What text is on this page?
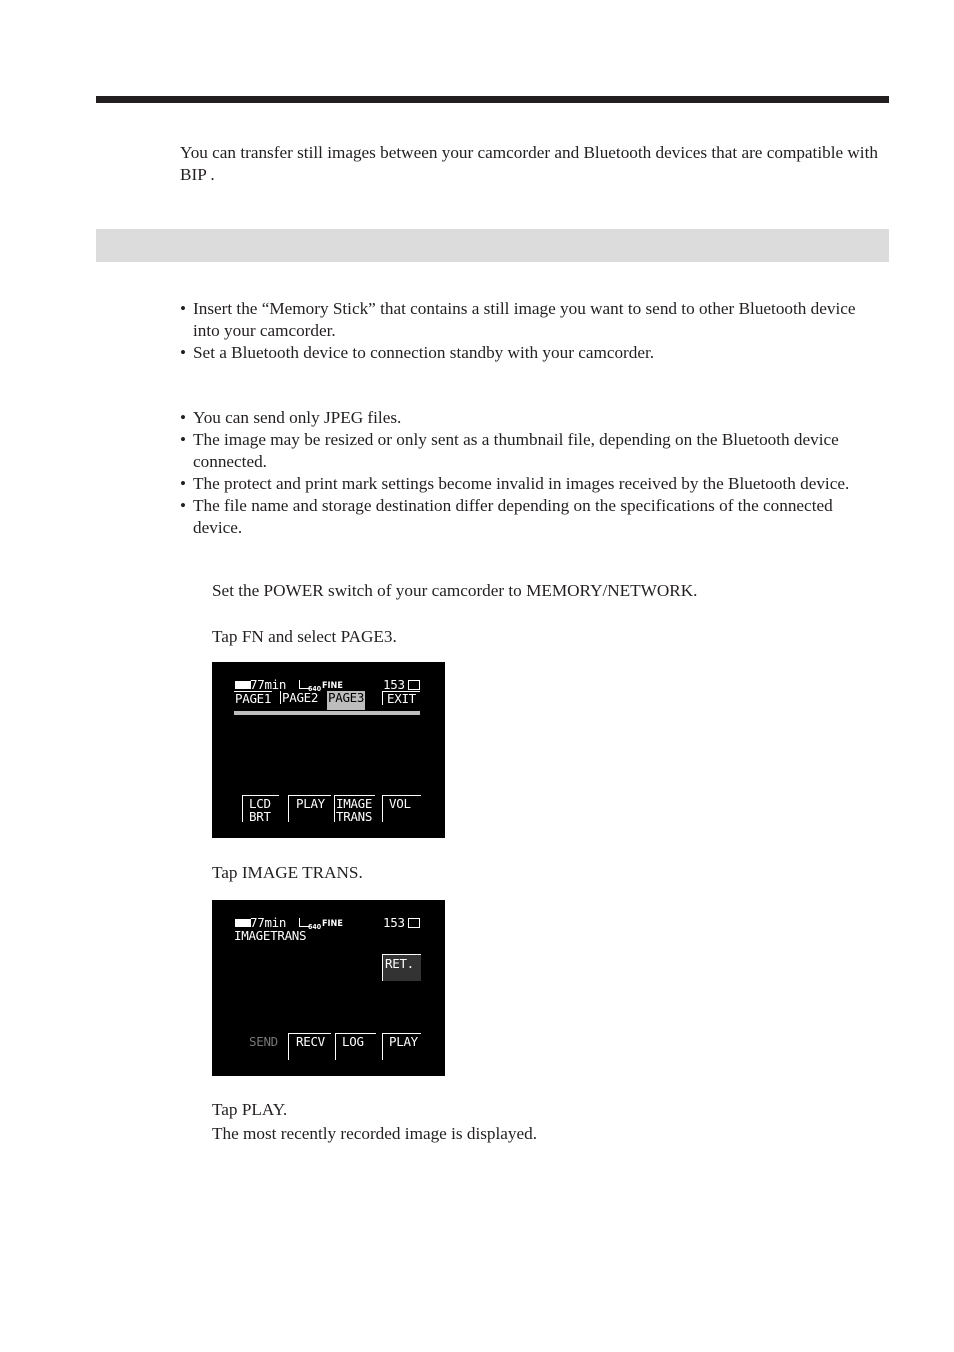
You can transfer still images between your camcorder and Bluetooth devices that are compatible with BIP .
• Insert the “Memory Stick” that contains a still image you want to send to other Bluetooth device into your camcorder.
• Set a Bluetooth device to connection standby with your camcorder.
• You can send only JPEG files.
• The image may be resized or only sent as a thumbnail file, depending on the Bluetooth device connected.
• The protect and print mark settings become invalid in images received by the Bluetooth device.
• The file name and storage destination differ depending on the specifications of the connected device.
Set the POWER switch of your camcorder to MEMORY/NETWORK.
Tap FN and select PAGE3.
77min	640 FINE	153
PAGE1 PAGE2 PAGE3	EXIT
LCD
BRT
PLAY IMAGE
TRANS
VOL
Tap IMAGE TRANS.
77min	640 FINE	153
IMAGETRANS
RET.
SEND RECV LOG PLAY
Tap PLAY.
The most recently recorded image is displayed.
